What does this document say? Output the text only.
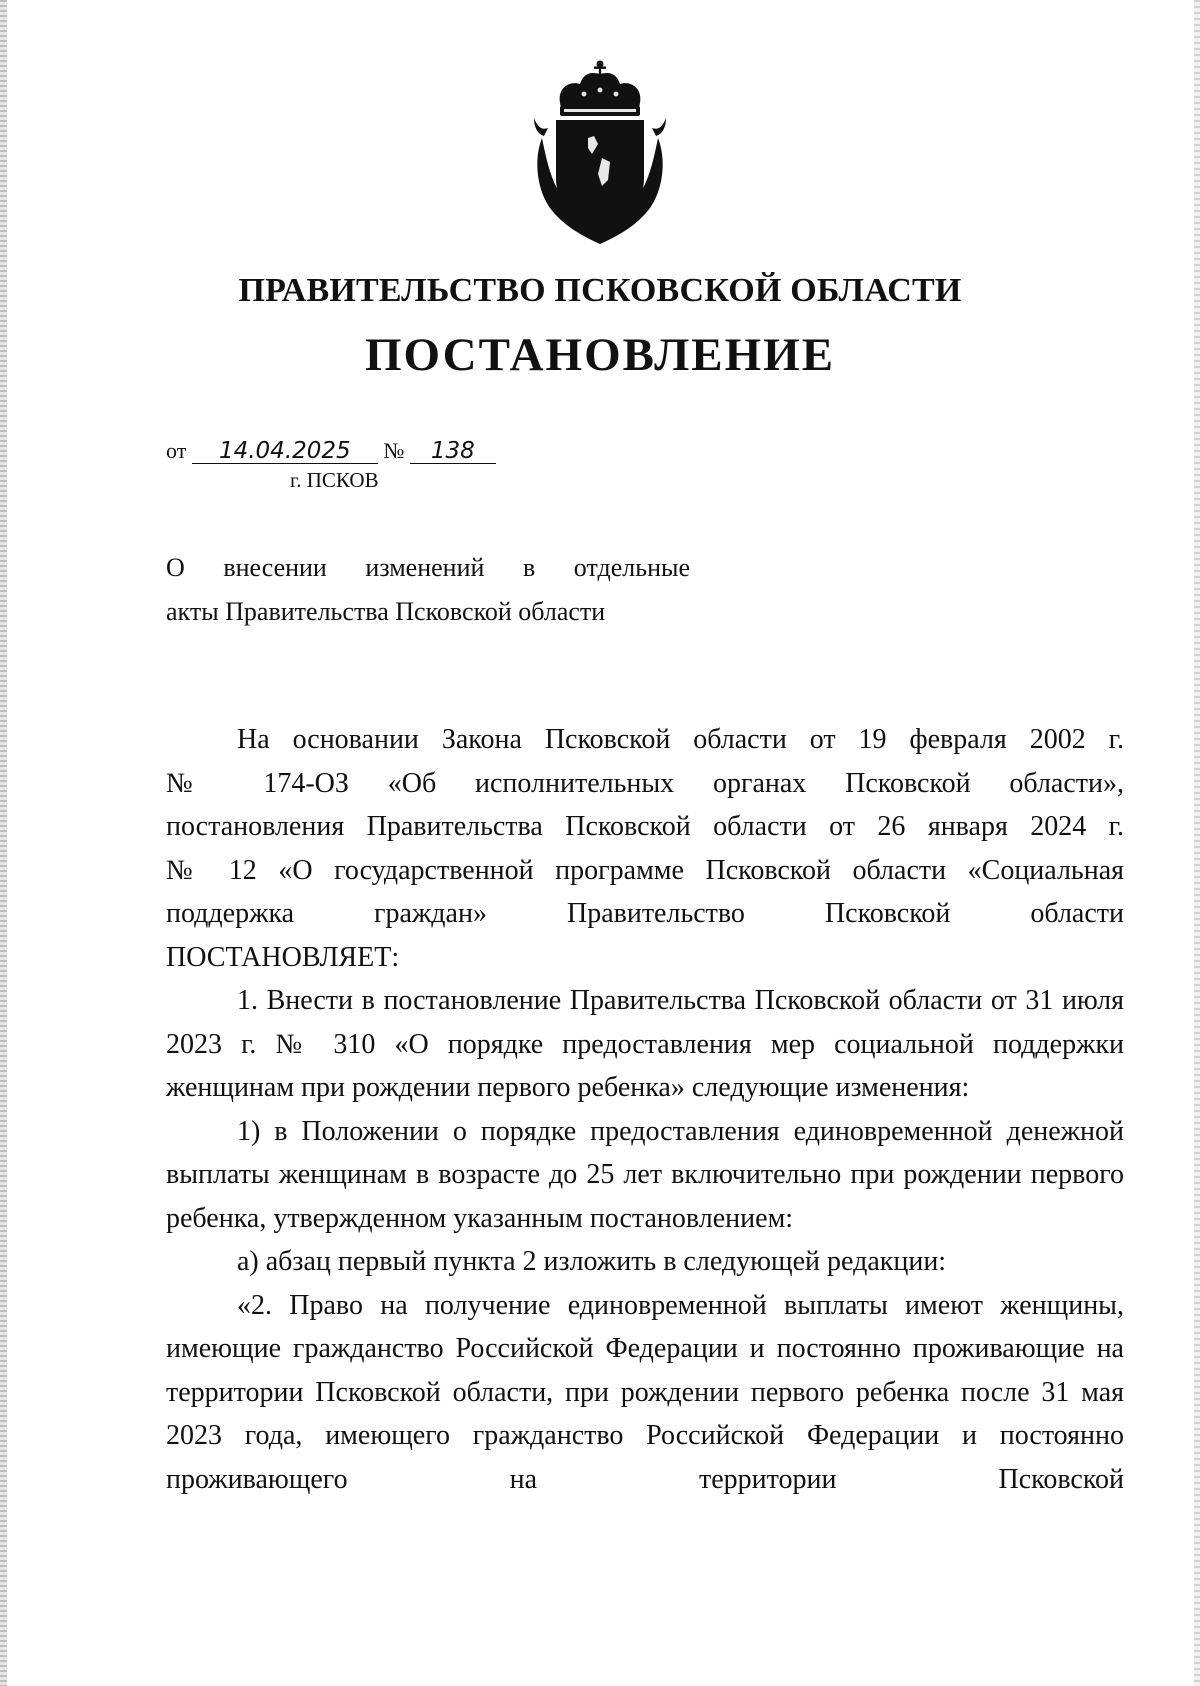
ПРАВИТЕЛЬСТВО ПСКОВСКОЙ ОБЛАСТИ
ПОСТАНОВЛЕНИЕ
от 14.04.2025 № 138
г. ПСКОВ
О внесении изменений в отдельные
акты Правительства Псковской области

На основании Закона Псковской области от 19 февраля 2002 г.

№ 174-ОЗ «Об исполнительных органах Псковской области»,

постановления Правительства Псковской области от 26 января 2024 г.

№ 12 «О государственной программе Псковской области «Социальная

поддержка граждан» Правительство Псковской области

ПОСТАНОВЛЯЕТ:

1. Внести в постановление Правительства Псковской области от 31 июля 2023 г. № 310 «О порядке предоставления мер социальной поддержки женщинам при рождении первого ребенка» следующие изменения:

1) в Положении о порядке предоставления единовременной денежной выплаты женщинам в возрасте до 25 лет включительно при рождении первого ребенка, утвержденном указанным постановлением:

а) абзац первый пункта 2 изложить в следующей редакции:

«2. Право на получение единовременной выплаты имеют женщины, имеющие гражданство Российской Федерации и постоянно проживающие на территории Псковской области, при рождении первого ребенка после 31 мая 2023 года, имеющего гражданство Российской Федерации и постоянно проживающего на территории Псковской
